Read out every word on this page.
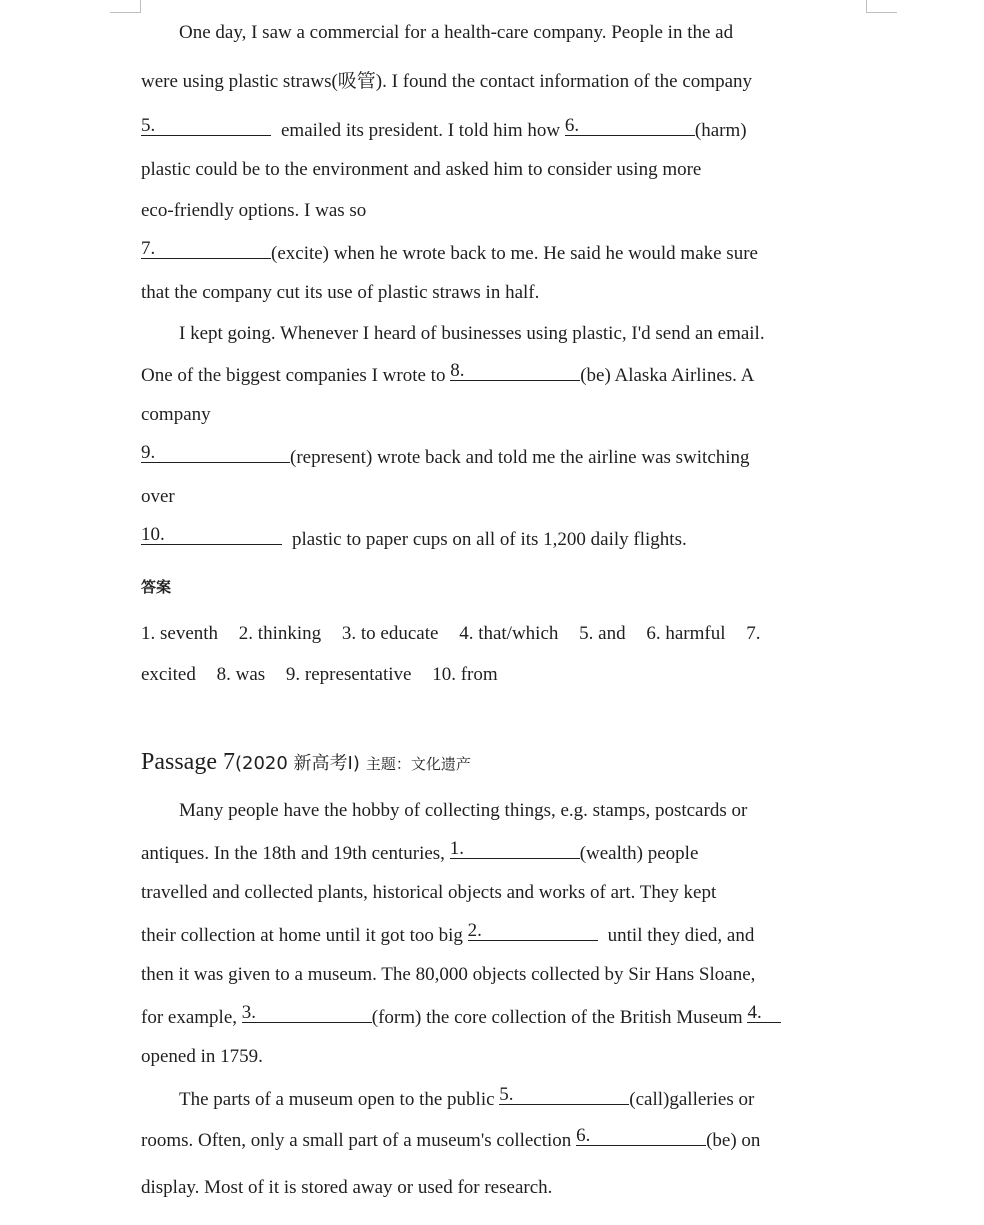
One day, I saw a commercial for a health-care company. People in the ad
were using plastic straws(吸管). I found the contact information of the company
5.	emailed its president. I told him how 6.	(harm)
plastic could be to the environment and asked him to consider using more
eco-friendly options. I was so
7.	(excite) when he wrote back to me. He said he would make sure
that the company cut its use of plastic straws in half.
I kept going. Whenever I heard of businesses using plastic, I'd send an email.
One of the biggest companies I wrote to 8.	(be) Alaska Airlines. A
company
9.	(represent) wrote back and told me the airline was switching
over
10.	plastic to paper cups on all of its 1,200 daily flights.
答案
1. seventh 2. thinking 3. to educate 4. that/which 5. and 6. harmful 7.
excited 8. was 9. representative 10. from
Passage 7(2020 新高考Ⅰ) 主题：文化遗产
Many people have the hobby of collecting things, e.g. stamps, postcards or
antiques. In the 18th and 19th centuries, 1.	(wealth) people
travelled and collected plants, historical objects and works of art. They kept
their collection at home until it got too big 2.	until they died, and
then it was given to a museum. The 80,000 objects collected by Sir Hans Sloane,
for example, 3.	(form) the core collection of the British Museum 4.
opened in 1759.
The parts of a museum open to the public 5.	(call)galleries or
rooms. Often, only a small part of a museum's collection 6.	(be) on
display. Most of it is stored away or used for research.
